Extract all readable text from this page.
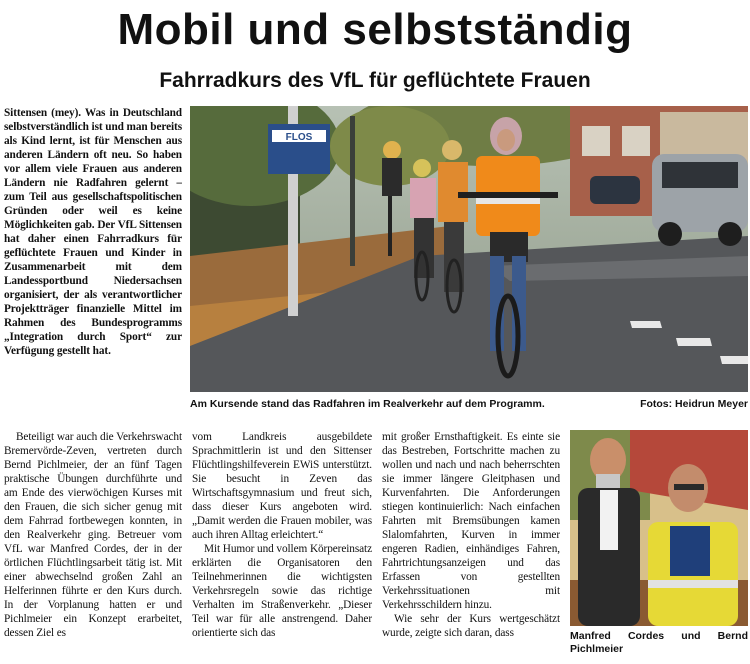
Mobil und selbstständig
Fahrradkurs des VfL für geflüchtete Frauen

Sittensen (mey). Was in Deutschland selbstverständlich ist und man bereits als Kind lernt, ist für Menschen aus anderen Ländern oft neu. So haben vor allem viele Frauen aus anderen Ländern nie Radfahren gelernt – zum Teil aus gesellschaftspolitischen Gründen oder weil es keine Möglichkeiten gab. Der VfL Sittensen hat daher einen Fahrradkurs für geflüchtete Frauen und Kinder in Zusammenarbeit mit dem Landessportbund Niedersachsen organisiert, der als verantwortlicher Projektträger finanzielle Mittel im Rahmen des Bundesprogramms „Integration durch Sport“ zur Verfügung gestellt hat.

FLOS
Am Kursende stand das Radfahren im Realverkehr auf dem Programm.	Fotos: Heidrun Meyer

Beteiligt war auch die Verkehrswacht Bremervörde-Zeven, vertreten durch Bernd Pichlmeier, der an fünf Tagen praktische Übungen durchführte und am Ende des vierwöchigen Kurses mit den Frauen, die sich sicher genug mit dem Fahrrad fortbewegen konnten, in den Realverkehr ging. Betreuer vom VfL war Manfred Cordes, der in der örtlichen Flüchtlingsarbeit tätig ist. Mit einer abwechselnd großen Zahl an Helferinnen führte er den Kurs durch. In der Vorplanung hatten er und Pichlmeier ein Konzept erarbeitet, dessen Ziel es

vom Landkreis ausgebildete Sprachmittlerin ist und den Sittenser Flüchtlingshilfeverein EWiS unterstützt. Sie besucht in Zeven das Wirtschaftsgymnasium und freut sich, dass dieser Kurs angeboten wird. „Damit werden die Frauen mobiler, was auch ihren Alltag erleichtert.“

Mit Humor und vollem Körpereinsatz erklärten die Organisatoren den Teilnehmerinnen die wichtigsten Verkehrsregeln sowie das richtige Verhalten im Straßenverkehr. „Dieser Teil war für alle anstrengend. Daher orientierte sich das

mit großer Ernsthaftigkeit. Es einte sie das Bestreben, Fortschritte machen zu wollen und nach und nach beherrschten sie immer längere Gleitphasen und Kurvenfahrten. Die Anforderungen stiegen kontinuierlich: Nach einfachen Fahrten mit Bremsübungen kamen Slalomfahrten, Kurven in immer engeren Radien, einhändiges Fahren, Fahrtrichtungsanzeigen und das Erfassen von gestellten Verkehrssituationen mit Verkehrsschildern hinzu.

Wie sehr der Kurs wertgeschätzt wurde, zeigte sich daran, dass	Manfred Cordes und Bernd Pichlmeier
